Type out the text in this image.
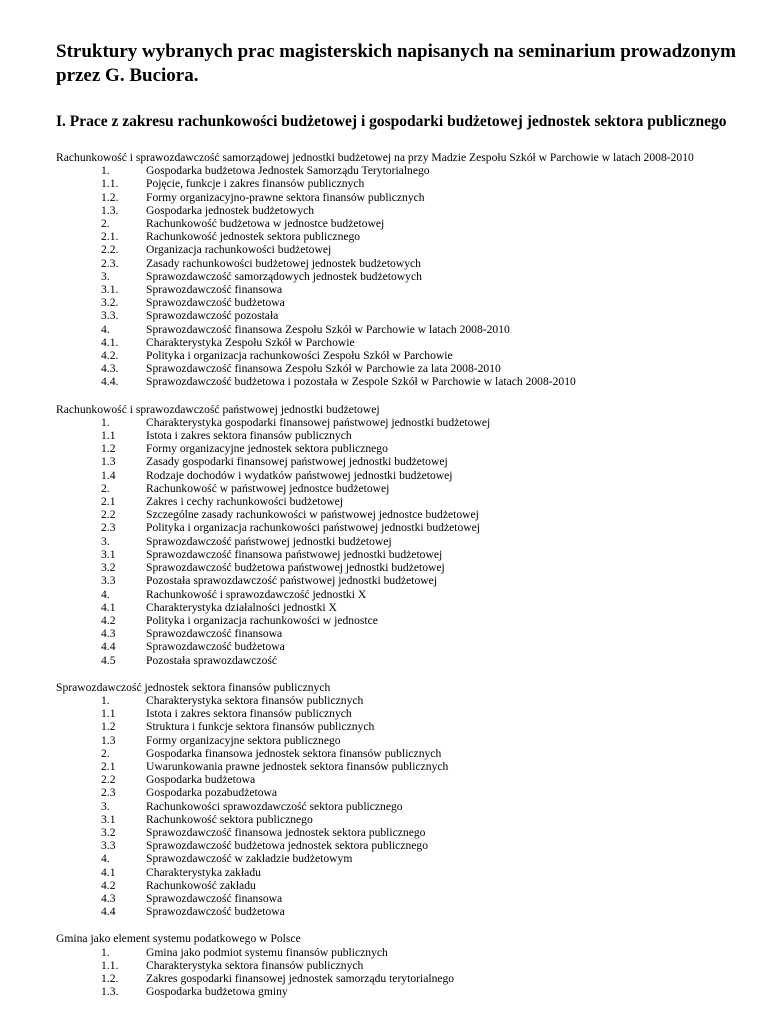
Struktury wybranych prac magisterskich napisanych na seminarium prowadzonym przez G. Buciora.
I. Prace z zakresu rachunkowości budżetowej i gospodarki budżetowej jednostek sektora publicznego
Rachunkowość i sprawozdawczość samorządowej jednostki budżetowej na przy Madzie Zespołu Szkół w Parchowie w latach 2008-2010
1.	Gospodarka budżetowa Jednostek Samorządu Terytorialnego
1.1.	Pojęcie, funkcje i zakres finansów publicznych
1.2.	Formy organizacyjno-prawne sektora finansów publicznych
1.3.	Gospodarka jednostek budżetowych
2.	Rachunkowość budżetowa w jednostce budżetowej
2.1.	Rachunkowość jednostek sektora publicznego
2.2.	Organizacja rachunkowości budżetowej
2.3.	Zasady rachunkowości budżetowej jednostek budżetowych
3.	Sprawozdawczość samorządowych jednostek budżetowych
3.1.	Sprawozdawczość finansowa
3.2.	Sprawozdawczość budżetowa
3.3.	Sprawozdawczość pozostała
4.	Sprawozdawczość finansowa Zespołu Szkół w Parchowie w latach 2008-2010
4.1.	Charakterystyka Zespołu Szkół w Parchowie
4.2.	Polityka i organizacja rachunkowości Zespołu Szkół w Parchowie
4.3.	Sprawozdawczość finansowa Zespołu Szkół w Parchowie za lata 2008-2010
4.4.	Sprawozdawczość budżetowa i pozostała w Zespole Szkół w Parchowie w latach 2008-2010
Rachunkowość i sprawozdawczość państwowej jednostki budżetowej
1.	Charakterystyka gospodarki finansowej państwowej jednostki budżetowej
1.1	Istota i zakres sektora finansów publicznych
1.2	Formy organizacyjne jednostek sektora publicznego
1.3	Zasady gospodarki finansowej państwowej jednostki budżetowej
1.4	Rodzaje dochodów i wydatków państwowej jednostki budżetowej
2.	Rachunkowość w państwowej jednostce budżetowej
2.1	Zakres i cechy rachunkowości budżetowej
2.2	Szczególne zasady rachunkowości w państwowej jednostce budżetowej
2.3	Polityka i organizacja rachunkowości państwowej jednostki budżetowej
3.	Sprawozdawczość państwowej jednostki budżetowej
3.1	Sprawozdawczość finansowa państwowej jednostki budżetowej
3.2	Sprawozdawczość budżetowa państwowej jednostki budżetowej
3.3	Pozostała sprawozdawczość państwowej jednostki budżetowej
4.	Rachunkowość i sprawozdawczość jednostki X
4.1	Charakterystyka działalności jednostki X
4.2	Polityka i organizacja rachunkowości w jednostce
4.3	Sprawozdawczość finansowa
4.4	Sprawozdawczość budżetowa
4.5	Pozostała sprawozdawczość
Sprawozdawczość jednostek sektora finansów publicznych
1.	Charakterystyka sektora finansów publicznych
1.1	Istota i zakres sektora finansów publicznych
1.2	Struktura i funkcje sektora finansów publicznych
1.3	Formy organizacyjne sektora publicznego
2.	Gospodarka finansowa jednostek sektora finansów publicznych
2.1	Uwarunkowania prawne jednostek sektora finansów publicznych
2.2	Gospodarka budżetowa
2.3	Gospodarka pozabudżetowa
3.	Rachunkowości sprawozdawczość sektora publicznego
3.1	Rachunkowość sektora publicznego
3.2	Sprawozdawczość finansowa jednostek sektora publicznego
3.3	Sprawozdawczość budżetowa jednostek sektora publicznego
4.	Sprawozdawczość w zakładzie budżetowym
4.1	Charakterystyka zakładu
4.2	Rachunkowość zakładu
4.3	Sprawozdawczość finansowa
4.4	Sprawozdawczość budżetowa
Gmina jako element systemu podatkowego w Polsce
1.	Gmina jako podmiot systemu finansów publicznych
1.1.	Charakterystyka sektora finansów publicznych
1.2.	Zakres gospodarki finansowej jednostek samorządu terytorialnego
1.3.	Gospodarka budżetowa gminy
